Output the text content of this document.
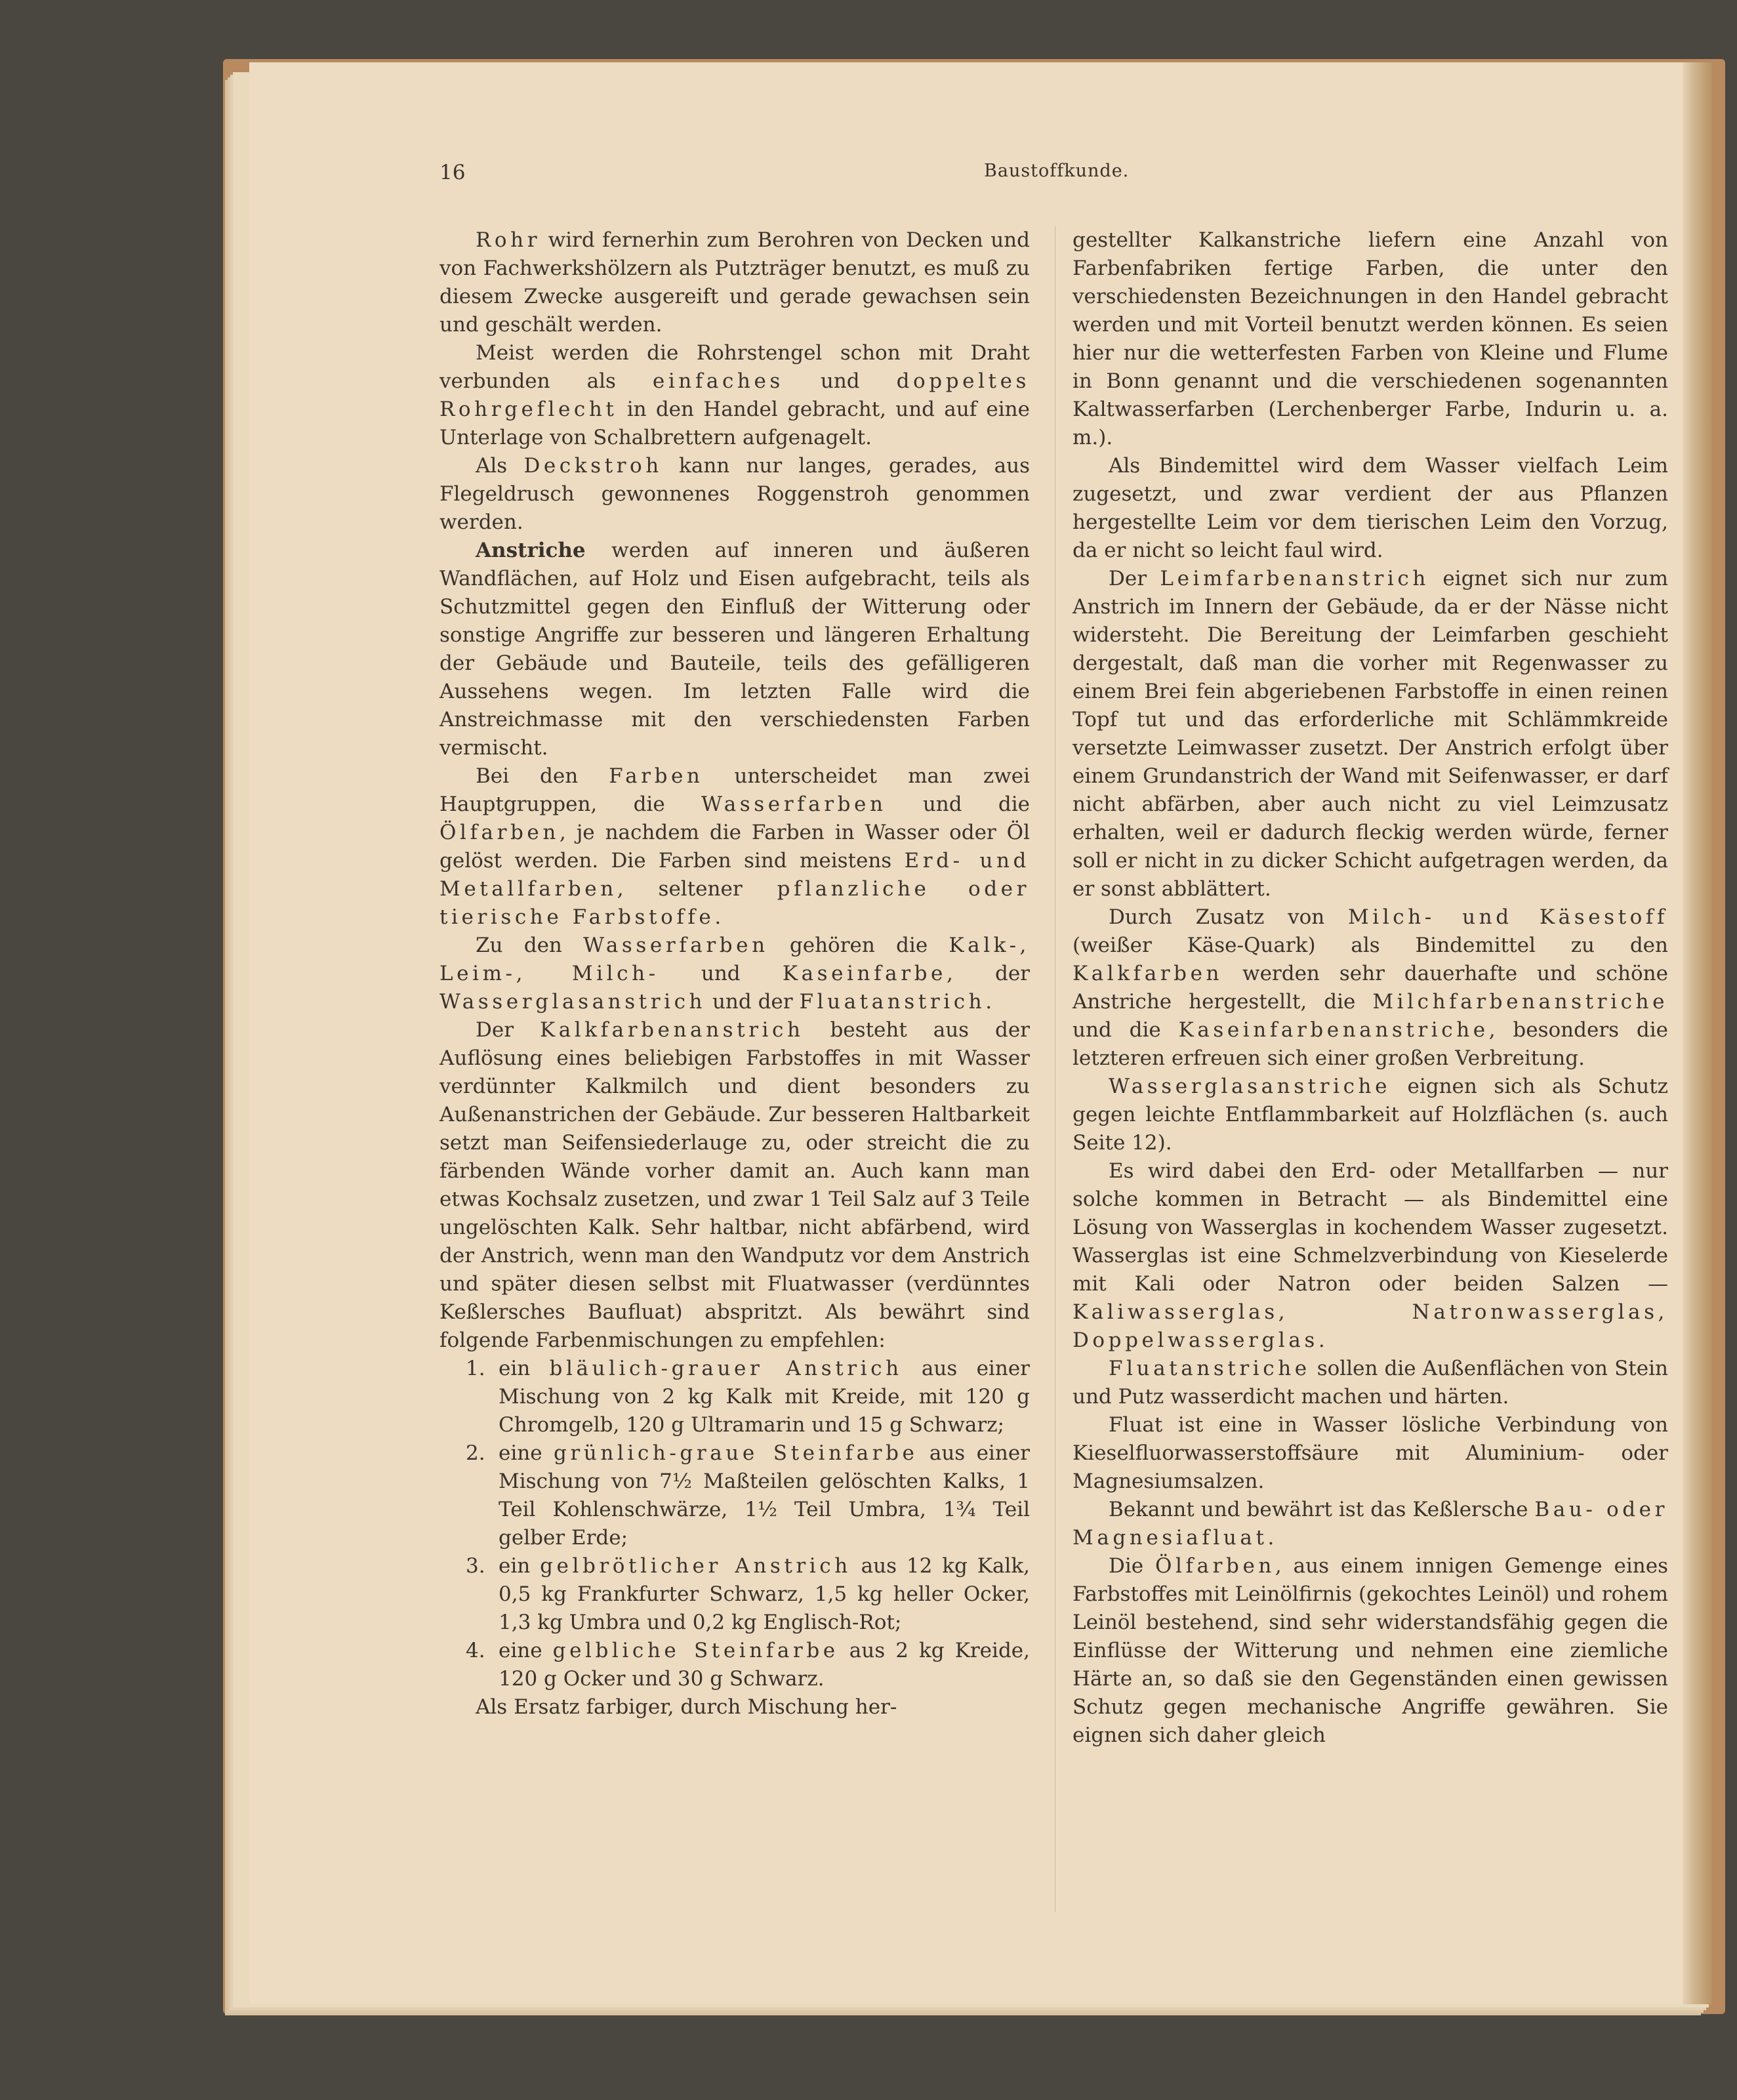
16	Baustoffkunde.

Rohr wird fernerhin zum Berohren von Decken und von Fachwerkshölzern als Putzträger benutzt, es muß zu diesem Zwecke ausgereift und gerade gewachsen sein und geschält werden.

Meist werden die Rohrstengel schon mit Draht verbunden als einfaches und doppeltes Rohrgeflecht in den Handel gebracht, und auf eine Unterlage von Schalbrettern aufgenagelt.

Als Deckstroh kann nur langes, gerades, aus Flegeldrusch gewonnenes Roggenstroh genommen werden.

Anstriche werden auf inneren und äußeren Wandflächen, auf Holz und Eisen aufgebracht, teils als Schutzmittel gegen den Einfluß der Witterung oder sonstige Angriffe zur besseren und längeren Erhaltung der Gebäude und Bauteile, teils des gefälligeren Aussehens wegen. Im letzten Falle wird die Anstreichmasse mit den verschiedensten Farben vermischt.

Bei den Farben unterscheidet man zwei Hauptgruppen, die Wasserfarben und die Ölfarben, je nachdem die Farben in Wasser oder Öl gelöst werden. Die Farben sind meistens Erd- und Metallfarben, seltener pflanzliche oder tierische Farbstoffe.

Zu den Wasserfarben gehören die Kalk-, Leim-, Milch- und Kaseinfarbe, der Wasserglasanstrich und der Fluatanstrich.

Der Kalkfarbenanstrich besteht aus der Auflösung eines beliebigen Farbstoffes in mit Wasser verdünnter Kalkmilch und dient besonders zu Außenanstrichen der Gebäude. Zur besseren Haltbarkeit setzt man Seifensiederlauge zu, oder streicht die zu färbenden Wände vorher damit an. Auch kann man etwas Kochsalz zusetzen, und zwar 1 Teil Salz auf 3 Teile ungelöschten Kalk. Sehr haltbar, nicht abfärbend, wird der Anstrich, wenn man den Wandputz vor dem Anstrich und später diesen selbst mit Fluatwasser (verdünntes Keßlersches Baufluat) abspritzt. Als bewährt sind folgende Farbenmischungen zu empfehlen:

1. ein bläulich-grauer Anstrich aus einer Mischung von 2 kg Kalk mit Kreide, mit 120 g Chromgelb, 120 g Ultramarin und 15 g Schwarz;
2. eine grünlich-graue Steinfarbe aus einer Mischung von 7½ Maßteilen gelöschten Kalks, 1 Teil Kohlenschwärze, 1½ Teil Umbra, 1¾ Teil gelber Erde;
3. ein gelbrötlicher Anstrich aus 12 kg Kalk, 0,5 kg Frankfurter Schwarz, 1,5 kg heller Ocker, 1,3 kg Umbra und 0,2 kg Englisch-Rot;
4. eine gelbliche Steinfarbe aus 2 kg Kreide, 120 g Ocker und 30 g Schwarz.

Als Ersatz farbiger, durch Mischung her-

gestellter Kalkanstriche liefern eine Anzahl von Farbenfabriken fertige Farben, die unter den verschiedensten Bezeichnungen in den Handel gebracht werden und mit Vorteil benutzt werden können. Es seien hier nur die wetterfesten Farben von Kleine und Flume in Bonn genannt und die verschiedenen sogenannten Kaltwasserfarben (Lerchenberger Farbe, Indurin u. a. m.).

Als Bindemittel wird dem Wasser vielfach Leim zugesetzt, und zwar verdient der aus Pflanzen hergestellte Leim vor dem tierischen Leim den Vorzug, da er nicht so leicht faul wird.

Der Leimfarbenanstrich eignet sich nur zum Anstrich im Innern der Gebäude, da er der Nässe nicht widersteht. Die Bereitung der Leimfarben geschieht dergestalt, daß man die vorher mit Regenwasser zu einem Brei fein abgeriebenen Farbstoffe in einen reinen Topf tut und das erforderliche mit Schlämmkreide versetzte Leimwasser zusetzt. Der Anstrich erfolgt über einem Grundanstrich der Wand mit Seifenwasser, er darf nicht abfärben, aber auch nicht zu viel Leimzusatz erhalten, weil er dadurch fleckig werden würde, ferner soll er nicht in zu dicker Schicht aufgetragen werden, da er sonst abblättert.

Durch Zusatz von Milch- und Käsestoff (weißer Käse-Quark) als Bindemittel zu den Kalkfarben werden sehr dauerhafte und schöne Anstriche hergestellt, die Milchfarbenanstriche und die Kaseinfarbenanstriche, besonders die letzteren erfreuen sich einer großen Verbreitung.

Wasserglasanstriche eignen sich als Schutz gegen leichte Entflammbarkeit auf Holzflächen (s. auch Seite 12).

Es wird dabei den Erd- oder Metallfarben — nur solche kommen in Betracht — als Bindemittel eine Lösung von Wasserglas in kochendem Wasser zugesetzt. Wasserglas ist eine Schmelzverbindung von Kieselerde mit Kali oder Natron oder beiden Salzen — Kaliwasserglas, Natronwasserglas, Doppelwasserglas.

Fluatanstriche sollen die Außenflächen von Stein und Putz wasserdicht machen und härten.

Fluat ist eine in Wasser lösliche Verbindung von Kieselfluorwasserstoffsäure mit Aluminium- oder Magnesiumsalzen.

Bekannt und bewährt ist das Keßlersche Bau- oder Magnesiafluat.

Die Ölfarben, aus einem innigen Gemenge eines Farbstoffes mit Leinölfirnis (gekochtes Leinöl) und rohem Leinöl bestehend, sind sehr widerstandsfähig gegen die Einflüsse der Witterung und nehmen eine ziemliche Härte an, so daß sie den Gegenständen einen gewissen Schutz gegen mechanische Angriffe gewähren. Sie eignen sich daher gleich
